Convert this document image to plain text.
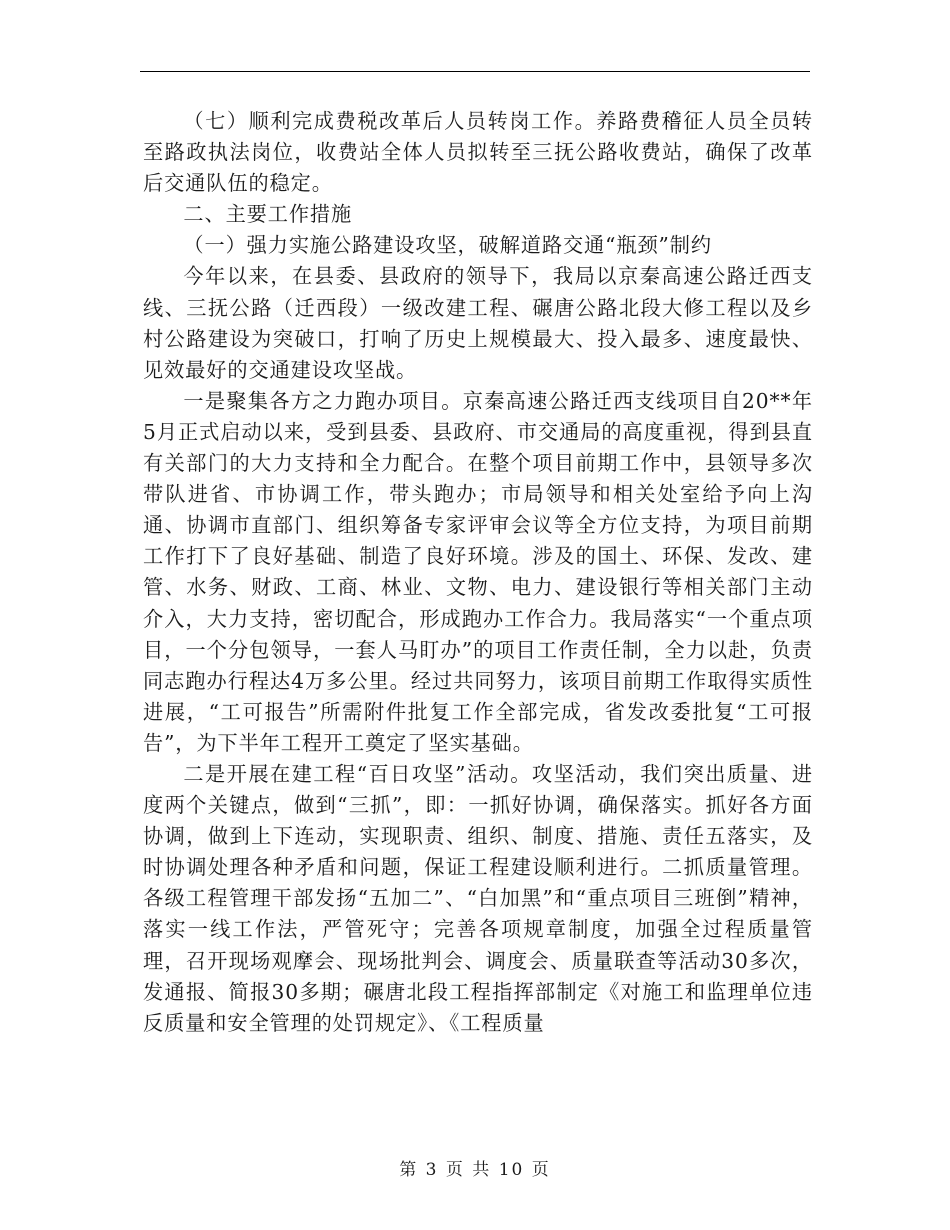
（七）顺利完成费税改革后人员转岗工作。养路费稽征人员全员转至路政执法岗位，收费站全体人员拟转至三抚公路收费站，确保了改革后交通队伍的稳定。

二、主要工作措施

（一）强力实施公路建设攻坚，破解道路交通“瓶颈”制约

今年以来，在县委、县政府的领导下，我局以京秦高速公路迁西支线、三抚公路（迁西段）一级改建工程、碾唐公路北段大修工程以及乡村公路建设为突破口，打响了历史上规模最大、投入最多、速度最快、见效最好的交通建设攻坚战。

一是聚集各方之力跑办项目。京秦高速公路迁西支线项目自20**年5月正式启动以来，受到县委、县政府、市交通局的高度重视，得到县直有关部门的大力支持和全力配合。在整个项目前期工作中，县领导多次带队进省、市协调工作，带头跑办；市局领导和相关处室给予向上沟通、协调市直部门、组织筹备专家评审会议等全方位支持，为项目前期工作打下了良好基础、制造了良好环境。涉及的国土、环保、发改、建管、水务、财政、工商、林业、文物、电力、建设银行等相关部门主动介入，大力支持，密切配合，形成跑办工作合力。我局落实“一个重点项目，一个分包领导，一套人马盯办”的项目工作责任制，全力以赴，负责同志跑办行程达4万多公里。经过共同努力，该项目前期工作取得实质性进展，“工可报告”所需附件批复工作全部完成，省发改委批复“工可报告”，为下半年工程开工奠定了坚实基础。

二是开展在建工程“百日攻坚”活动。攻坚活动，我们突出质量、进度两个关键点，做到“三抓”，即：一抓好协调，确保落实。抓好各方面协调，做到上下连动，实现职责、组织、制度、措施、责任五落实，及时协调处理各种矛盾和问题，保证工程建设顺利进行。二抓质量管理。各级工程管理干部发扬“五加二”、“白加黑”和“重点项目三班倒”精神，落实一线工作法，严管死守；完善各项规章制度，加强全过程质量管理，召开现场观摩会、现场批判会、调度会、质量联查等活动30多次，发通报、简报30多期；碾唐北段工程指挥部制定《对施工和监理单位违反质量和安全管理的处罚规定》、《工程质量

第 3 页 共 10 页
